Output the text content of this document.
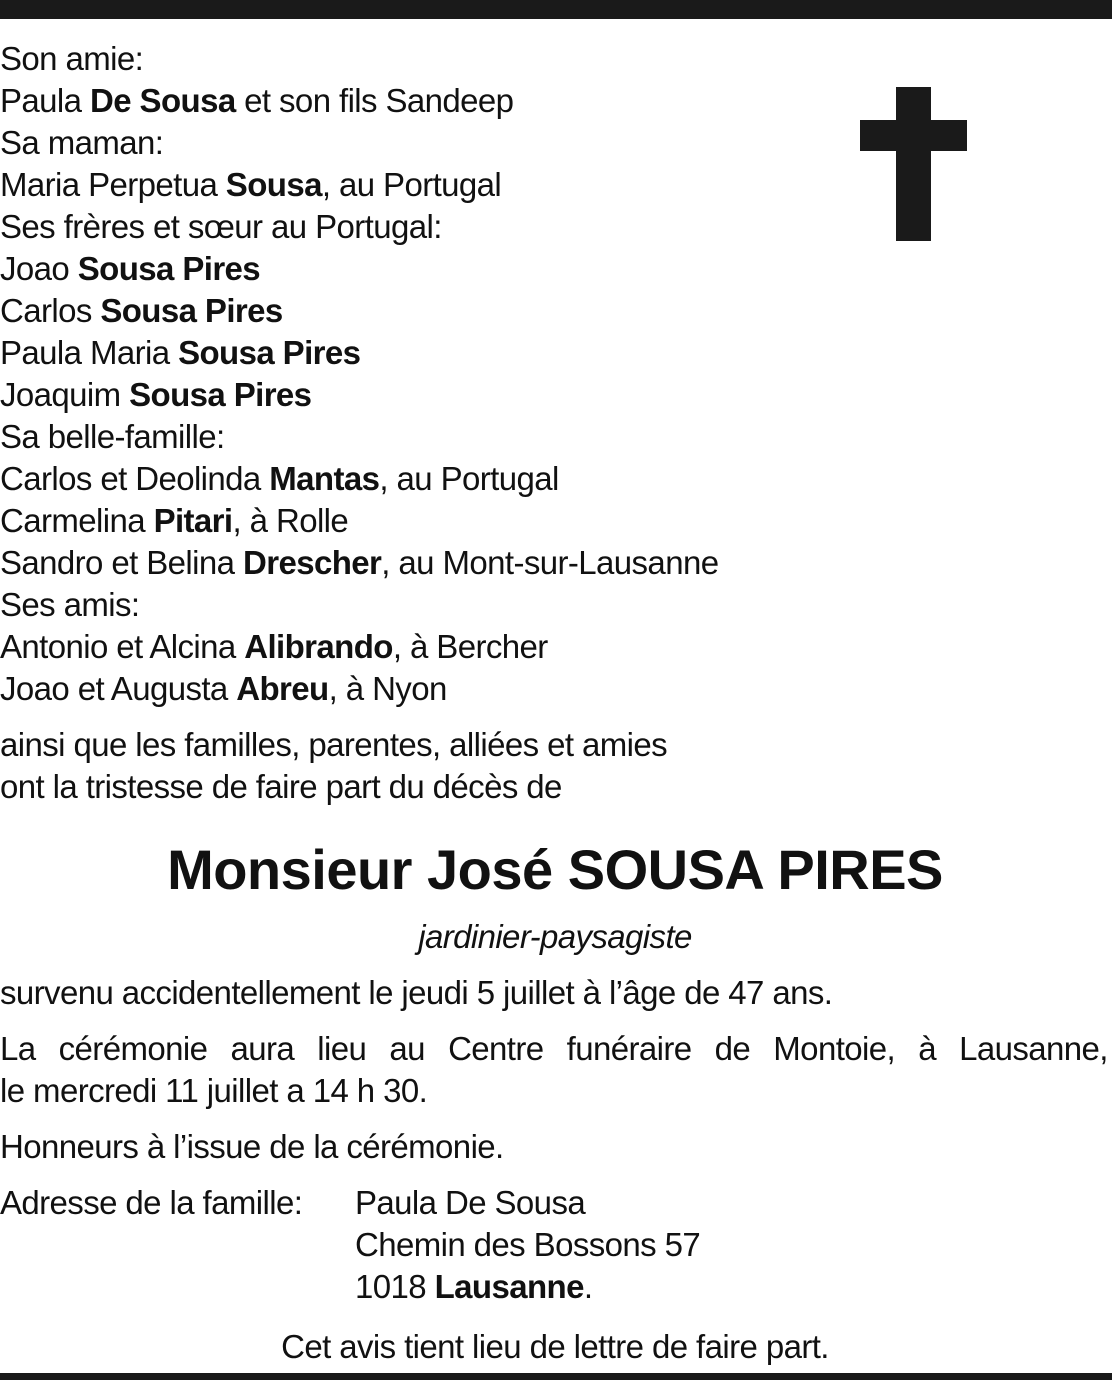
Son amie:
Paula De Sousa et son fils Sandeep
Sa maman:
Maria Perpetua Sousa, au Portugal
Ses frères et sœur au Portugal:
Joao Sousa Pires
Carlos Sousa Pires
Paula Maria Sousa Pires
Joaquim Sousa Pires
Sa belle-famille:
Carlos et Deolinda Mantas, au Portugal
Carmelina Pitari, à Rolle
Sandro et Belina Drescher, au Mont-sur-Lausanne
Ses amis:
Antonio et Alcina Alibrando, à Bercher
Joao et Augusta Abreu, à Nyon
ainsi que les familles, parentes, alliées et amies
ont la tristesse de faire part du décès de
Monsieur José SOUSA PIRES
jardinier-paysagiste
survenu accidentellement le jeudi 5 juillet à l’âge de 47 ans.
La cérémonie aura lieu au Centre funéraire de Montoie, à Lausanne,
le mercredi 11 juillet a 14 h 30.
Honneurs à l’issue de la cérémonie.
Adresse de la famille:	Paula De Sousa
Chemin des Bossons 57
1018 Lausanne.
Cet avis tient lieu de lettre de faire part.
